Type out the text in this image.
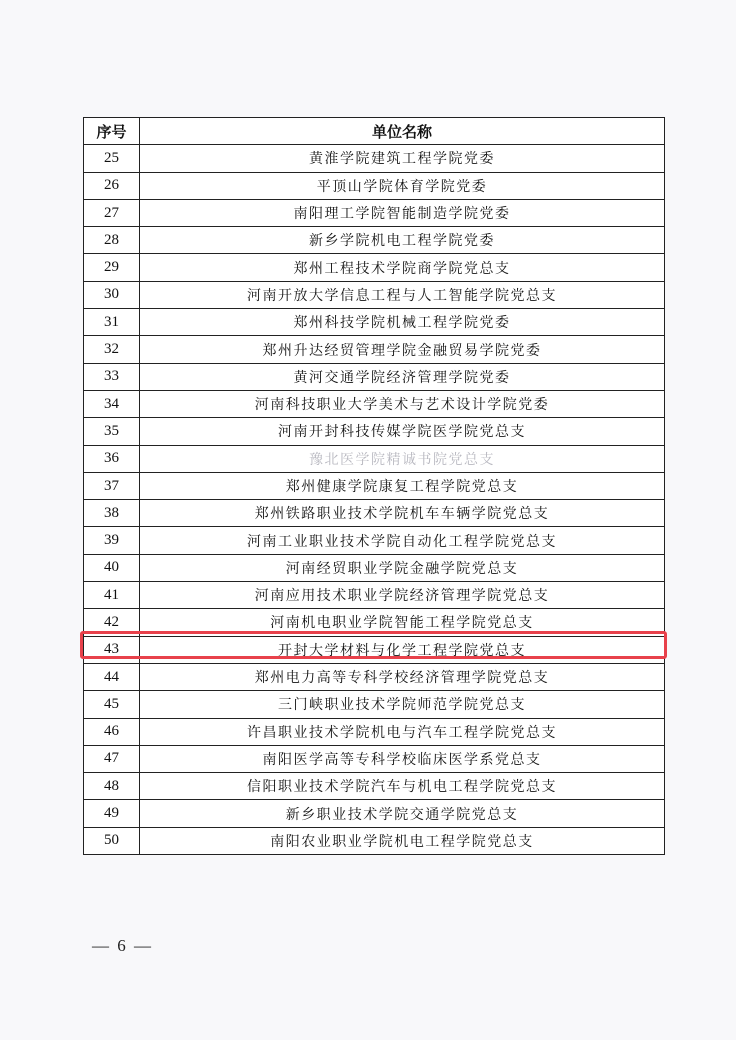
序号	单位名称
25	黄淮学院建筑工程学院党委
26	平顶山学院体育学院党委
27	南阳理工学院智能制造学院党委
28	新乡学院机电工程学院党委
29	郑州工程技术学院商学院党总支
30	河南开放大学信息工程与人工智能学院党总支
31	郑州科技学院机械工程学院党委
32	郑州升达经贸管理学院金融贸易学院党委
33	黄河交通学院经济管理学院党委
34	河南科技职业大学美术与艺术设计学院党委
35	河南开封科技传媒学院医学院党总支
36	豫北医学院精诚书院党总支
37	郑州健康学院康复工程学院党总支
38	郑州铁路职业技术学院机车车辆学院党总支
39	河南工业职业技术学院自动化工程学院党总支
40	河南经贸职业学院金融学院党总支
41	河南应用技术职业学院经济管理学院党总支
42	河南机电职业学院智能工程学院党总支
43	开封大学材料与化学工程学院党总支
44	郑州电力高等专科学校经济管理学院党总支
45	三门峡职业技术学院师范学院党总支
46	许昌职业技术学院机电与汽车工程学院党总支
47	南阳医学高等专科学校临床医学系党总支
48	信阳职业技术学院汽车与机电工程学院党总支
49	新乡职业技术学院交通学院党总支
50	南阳农业职业学院机电工程学院党总支
— 6 —
